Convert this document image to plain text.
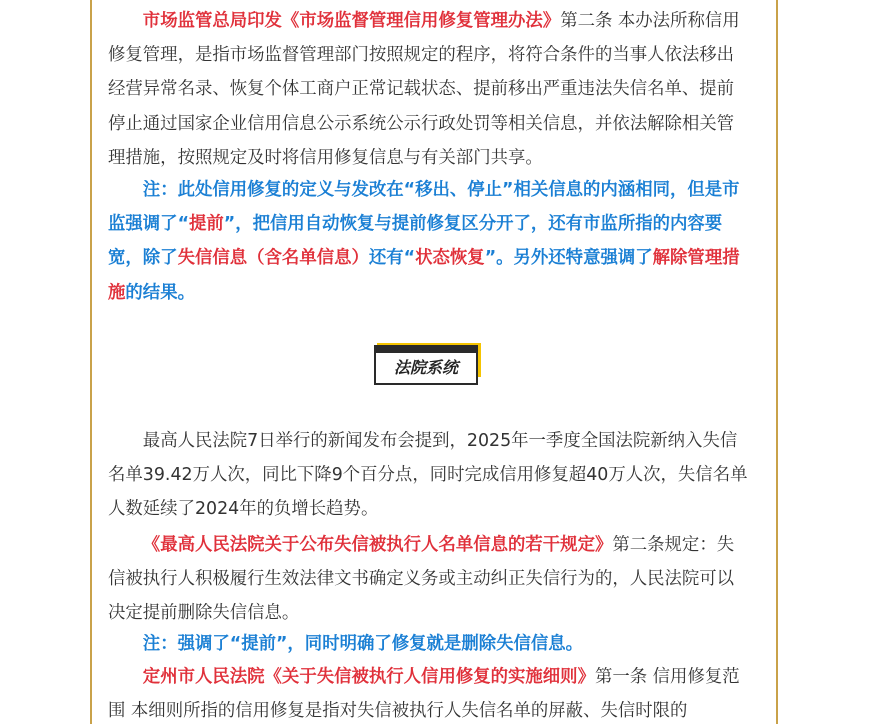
市场监管总局印发《市场监督管理信用修复管理办法》第二条 本办法所称信用修复管理，是指市场监督管理部门按照规定的程序，将符合条件的当事人依法移出经营异常名录、恢复个体工商户正常记载状态、提前移出严重违法失信名单、提前停止通过国家企业信用信息公示系统公示行政处罚等相关信息，并依法解除相关管理措施，按照规定及时将信用修复信息与有关部门共享。

注：此处信用修复的定义与发改在“移出、停止”相关信息的内涵相同，但是市监强调了“提前”，把信用自动恢复与提前修复区分开了，还有市监所指的内容要宽，除了失信信息（含名单信息）还有“状态恢复”。另外还特意强调了解除管理措施的结果。

最高人民法院7日举行的新闻发布会提到，2025年一季度全国法院新纳入失信名单39.42万人次，同比下降9个百分点，同时完成信用修复超40万人次，失信名单人数延续了2024年的负增长趋势。

《最高人民法院关于公布失信被执行人名单信息的若干规定》第二条规定：失信被执行人积极履行生效法律文书确定义务或主动纠正失信行为的，人民法院可以决定提前删除失信信息。

注：强调了“提前”，同时明确了修复就是删除失信信息。

定州市人民法院《关于失信被执行人信用修复的实施细则》第一条 信用修复范围 本细则所指的信用修复是指对失信被执行人失信名单的屏蔽、失信时限的

法院系统
